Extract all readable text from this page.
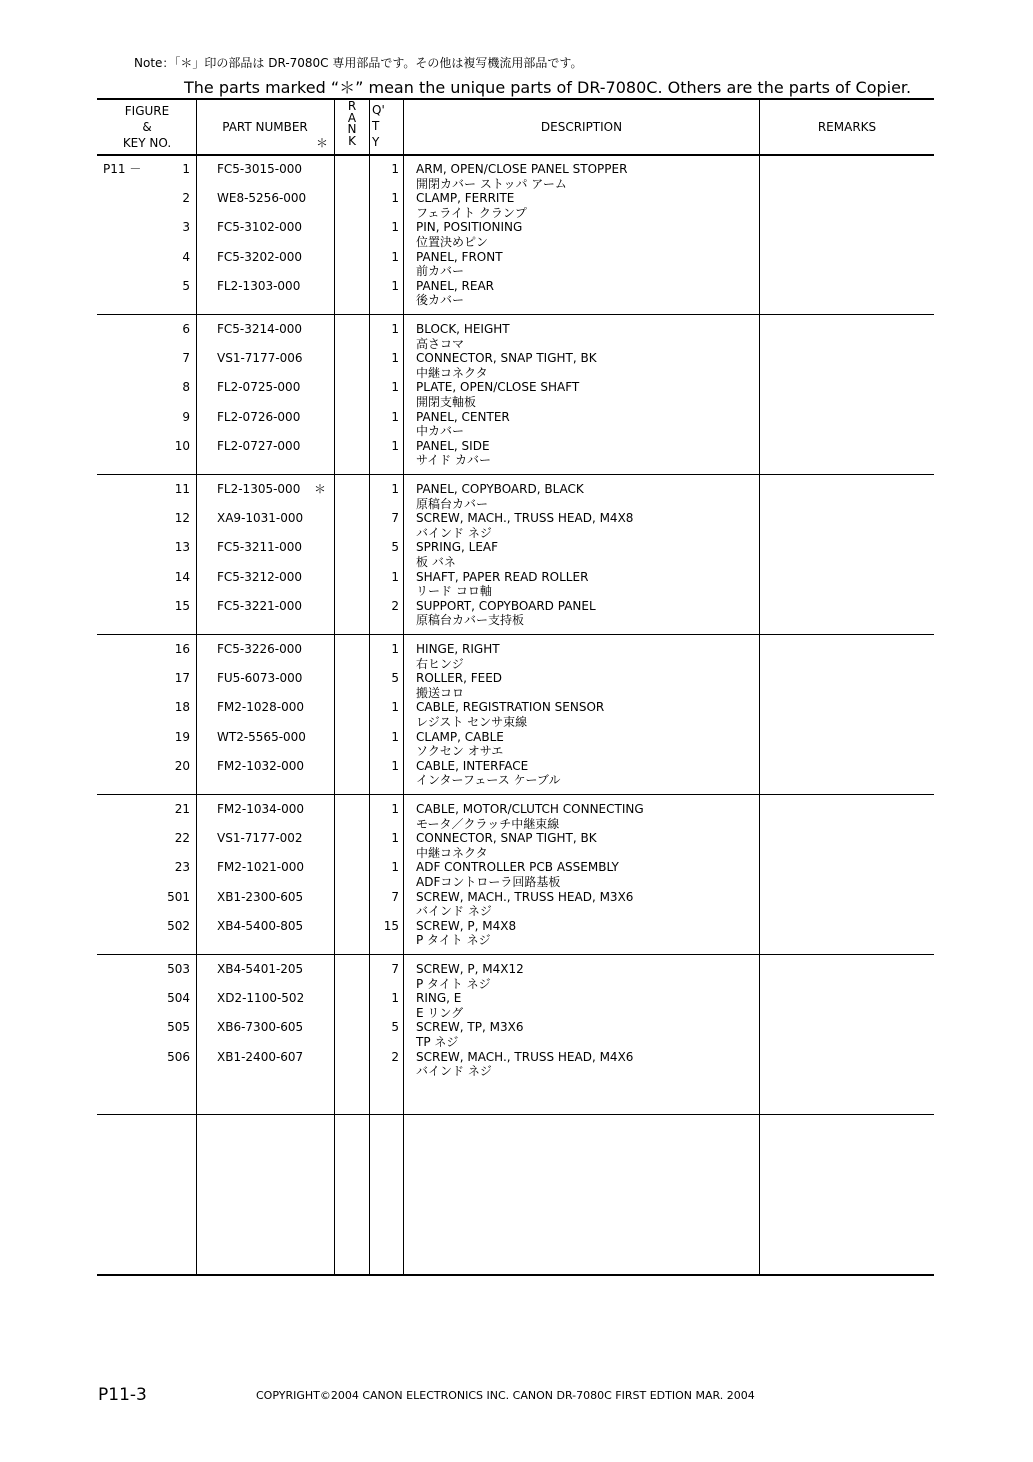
Note：「＊」印の部品は DR-7080C 専用部品です。その他は複写機流用部品です。
The parts marked “＊” mean the unique parts of DR-7080C. Others are the parts of Copier.
FIGURE
&
KEY NO.
PART NUMBER
＊
R
A
N
K
Q'
T
Y
DESCRIPTION	REMARKS
P11 －	1 FC5-3015-000	1 ARM, OPEN/CLOSE PANEL STOPPER
開閉カバー ストッパ アーム
2 WE8-5256-000	1 CLAMP, FERRITE
フェライト クランプ
3 FC5-3102-000	1 PIN, POSITIONING
位置決めピン
4 FC5-3202-000	1 PANEL, FRONT
前カバー
5 FL2-1303-000	1 PANEL, REAR
後カバー
6 FC5-3214-000	1 BLOCK, HEIGHT
高さコマ
7 VS1-7177-006	1 CONNECTOR, SNAP TIGHT, BK
中継コネクタ
8 FL2-0725-000	1 PLATE, OPEN/CLOSE SHAFT
開閉支軸板
9 FL2-0726-000	1 PANEL, CENTER
中カバー
10 FL2-0727-000	1 PANEL, SIDE
サイド カバー
11 FL2-1305-000 ＊	1 PANEL, COPYBOARD, BLACK
原稿台カバー
12 XA9-1031-000	7 SCREW, MACH., TRUSS HEAD, M4X8
バインド ネジ
13 FC5-3211-000	5 SPRING, LEAF
板 バネ
14 FC5-3212-000	1 SHAFT, PAPER READ ROLLER
リード コロ軸
15 FC5-3221-000	2 SUPPORT, COPYBOARD PANEL
原稿台カバー支持板
16 FC5-3226-000	1 HINGE, RIGHT
右ヒンジ
17 FU5-6073-000	5 ROLLER, FEED
搬送コロ
18 FM2-1028-000	1 CABLE, REGISTRATION SENSOR
レジスト センサ束線
19 WT2-5565-000	1 CLAMP, CABLE
ソクセン オサエ
20 FM2-1032-000	1 CABLE, INTERFACE
インターフェース ケーブル
21 FM2-1034-000	1 CABLE, MOTOR/CLUTCH CONNECTING
モータ／クラッチ中継束線
22 VS1-7177-002	1 CONNECTOR, SNAP TIGHT, BK
中継コネクタ
23 FM2-1021-000	1 ADF CONTROLLER PCB ASSEMBLY
ADFコントローラ回路基板
501 XB1-2300-605	7 SCREW, MACH., TRUSS HEAD, M3X6
バインド ネジ
502 XB4-5400-805	15 SCREW, P, M4X8
P タイト ネジ
503 XB4-5401-205	7 SCREW, P, M4X12
P タイト ネジ
504 XD2-1100-502	1 RING, E
E リング
505 XB6-7300-605	5 SCREW, TP, M3X6
TP ネジ
506 XB1-2400-607	2 SCREW, MACH., TRUSS HEAD, M4X6
バインド ネジ
P11-3	COPYRIGHT©2004 CANON ELECTRONICS INC. CANON DR-7080C FIRST EDTION MAR. 2004
